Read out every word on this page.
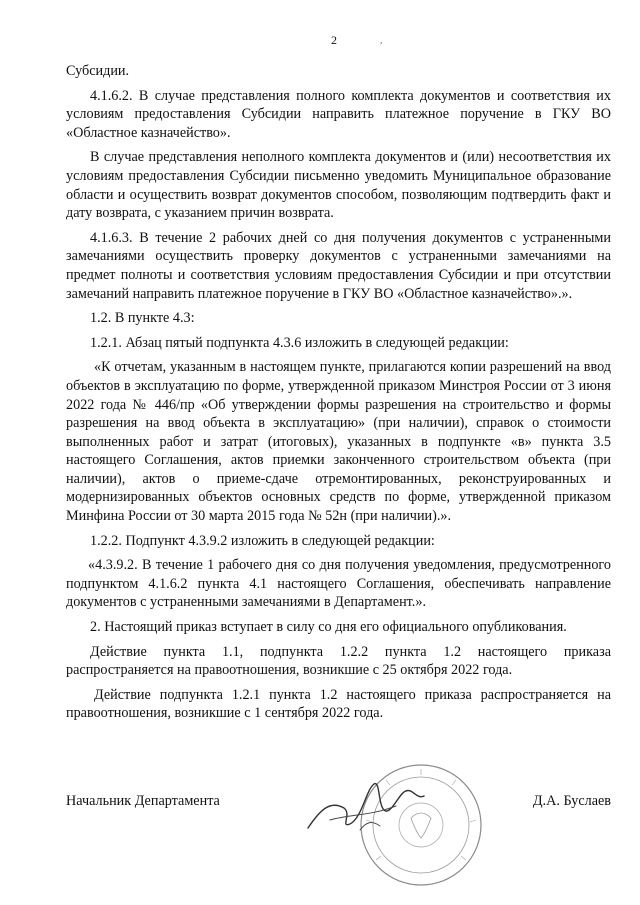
2	,

Субсидии.

4.1.6.2. В случае представления полного комплекта документов и соответствия их условиям предоставления Субсидии направить платежное поручение в ГКУ ВО «Областное казначейство».

В случае представления неполного комплекта документов и (или) несоответствия их условиям предоставления Субсидии письменно уведомить Муниципальное образование области и осуществить возврат документов способом, позволяющим подтвердить факт и дату возврата, с указанием причин возврата.

4.1.6.3. В течение 2 рабочих дней со дня получения документов с устраненными замечаниями осуществить проверку документов с устраненными замечаниями на предмет полноты и соответствия условиям предоставления Субсидии и при отсутствии замечаний направить платежное поручение в ГКУ ВО «Областное казначейство».».

1.2. В пункте 4.3:

1.2.1. Абзац пятый подпункта 4.3.6 изложить в следующей редакции:

«К отчетам, указанным в настоящем пункте, прилагаются копии разрешений на ввод объектов в эксплуатацию по форме, утвержденной приказом Минстроя России от 3 июня 2022 года № 446/пр «Об утверждении формы разрешения на строительство и формы разрешения на ввод объекта в эксплуатацию» (при наличии), справок о стоимости выполненных работ и затрат (итоговых), указанных в подпункте «в» пункта 3.5 настоящего Соглашения, актов приемки законченного строительством объекта (при наличии), актов о приеме-сдаче отремонтированных, реконструированных и модернизированных объектов основных средств по форме, утвержденной приказом Минфина России от 30 марта 2015 года № 52н (при наличии).».

1.2.2. Подпункт 4.3.9.2 изложить в следующей редакции:

«4.3.9.2. В течение 1 рабочего дня со дня получения уведомления, предусмотренного подпунктом 4.1.6.2 пункта 4.1 настоящего Соглашения, обеспечивать направление документов с устраненными замечаниями в Департамент.».

2. Настоящий приказ вступает в силу со дня его официального опубликования.

Действие пункта 1.1, подпункта 1.2.2 пункта 1.2 настоящего приказа распространяется на правоотношения, возникшие с 25 октября 2022 года.

Действие подпункта 1.2.1 пункта 1.2 настоящего приказа распространяется на правоотношения, возникшие с 1 сентября 2022 года.

Начальник Департамента	Д.А. Буслаев
